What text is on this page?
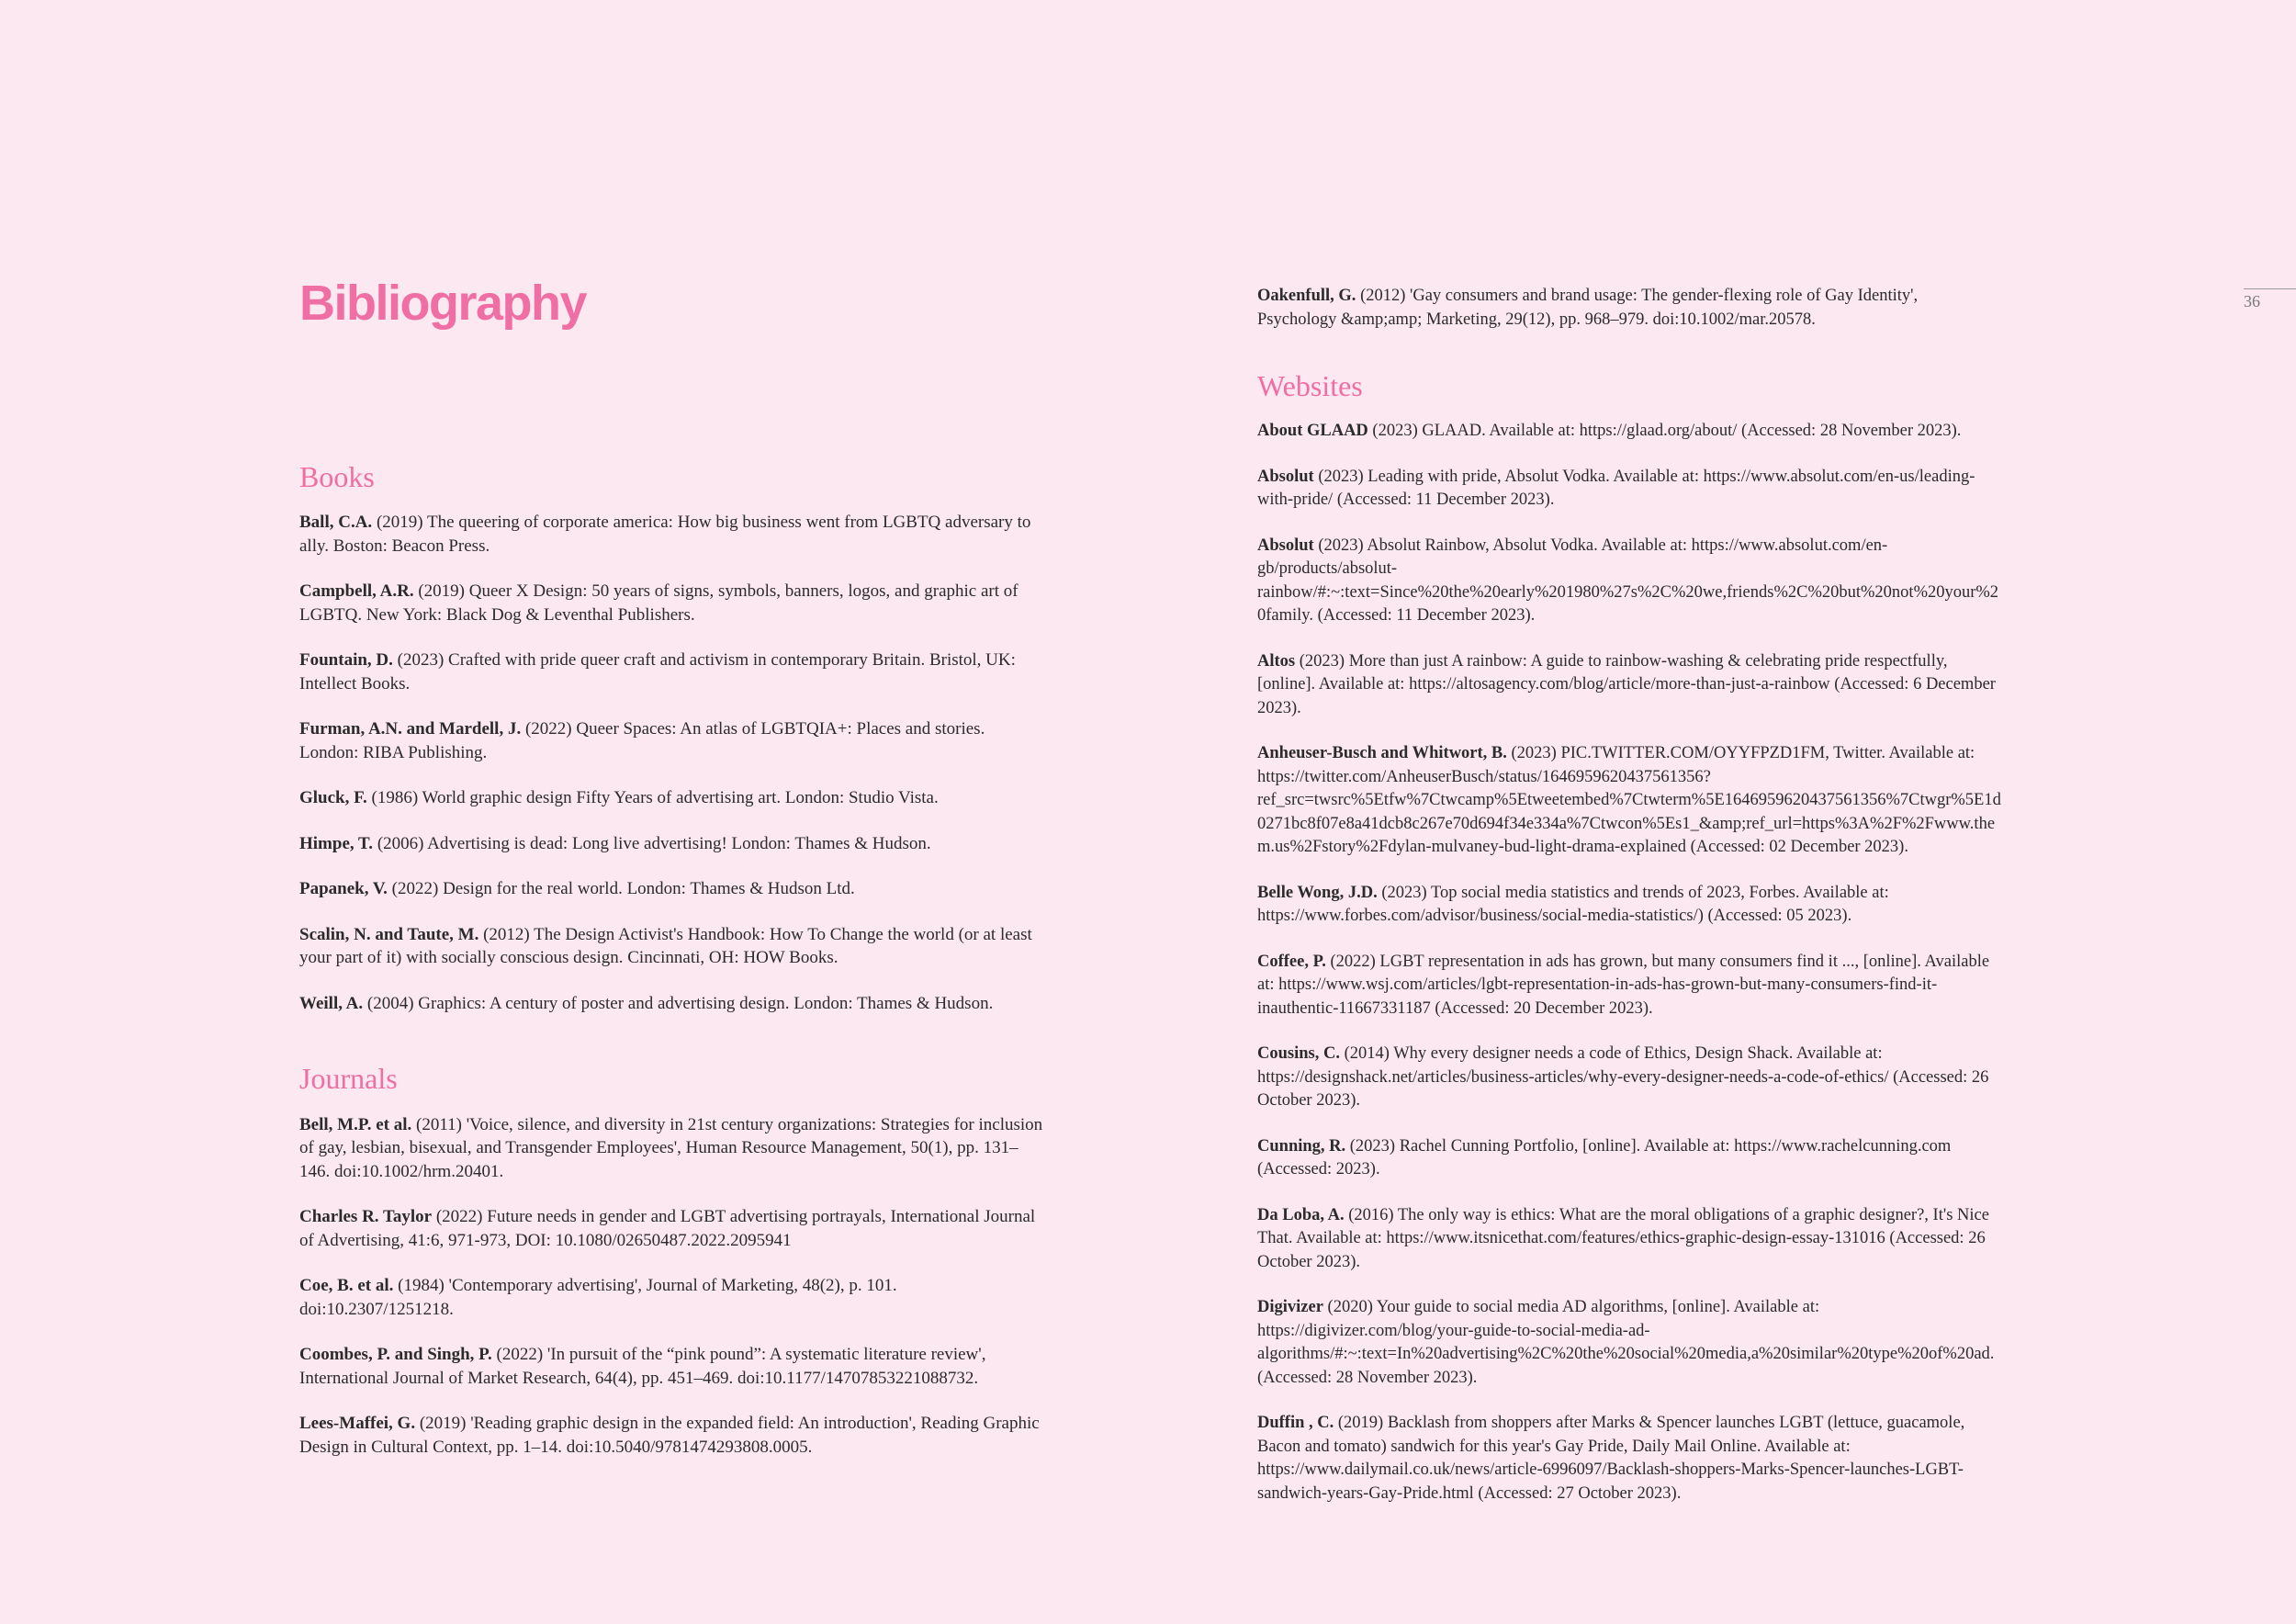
Bibliography	36
Books

Ball, C.A. (2019) The queering of corporate america: How big business went from LGBTQ adversary to ally. Boston: Beacon Press.

Campbell, A.R. (2019) Queer X Design: 50 years of signs, symbols, banners, logos, and graphic art of LGBTQ. New York: Black Dog & Leventhal Publishers.

Fountain, D. (2023) Crafted with pride queer craft and activism in contemporary Britain. Bristol, UK: Intellect Books.

Furman, A.N. and Mardell, J. (2022) Queer Spaces: An atlas of LGBTQIA+: Places and stories. London: RIBA Publishing.

Gluck, F. (1986) World graphic design Fifty Years of advertising art. London: Studio Vista.

Himpe, T. (2006) Advertising is dead: Long live advertising! London: Thames & Hudson.

Papanek, V. (2022) Design for the real world. London: Thames & Hudson Ltd.

Scalin, N. and Taute, M. (2012) The Design Activist's Handbook: How To Change the world (or at least your part of it) with socially conscious design. Cincinnati, OH: HOW Books.

Weill, A. (2004) Graphics: A century of poster and advertising design. London: Thames & Hudson.

Journals

Bell, M.P. et al. (2011) 'Voice, silence, and diversity in 21st century organizations: Strategies for inclusion of gay, lesbian, bisexual, and Transgender Employees', Human Resource Management, 50(1), pp. 131–146. doi:10.1002/hrm.20401.

Charles R. Taylor (2022) Future needs in gender and LGBT advertising portrayals, International Journal of Advertising, 41:6, 971-973, DOI: 10.1080/02650487.2022.2095941

Coe, B. et al. (1984) 'Contemporary advertising', Journal of Marketing, 48(2), p. 101. doi:10.2307/1251218.

Coombes, P. and Singh, P. (2022) 'In pursuit of the “pink pound”: A systematic literature review', International Journal of Market Research, 64(4), pp. 451–469. doi:10.1177/14707853221088732.

Lees-Maffei, G. (2019) 'Reading graphic design in the expanded field: An introduction', Reading Graphic Design in Cultural Context, pp. 1–14. doi:10.5040/9781474293808.0005.

Oakenfull, G. (2012) 'Gay consumers and brand usage: The gender-flexing role of Gay Identity', Psychology &amp;amp; Marketing, 29(12), pp. 968–979. doi:10.1002/mar.20578.

Websites

About GLAAD (2023) GLAAD. Available at: https://glaad.org/about/ (Accessed: 28 November 2023).

Absolut (2023) Leading with pride, Absolut Vodka. Available at: https://www.absolut.com/en-us/leading-with-pride/ (Accessed: 11 December 2023).

Absolut (2023) Absolut Rainbow, Absolut Vodka. Available at: https://www.absolut.com/en-gb/products/absolut-rainbow/#:~:text=Since%20the%20early%201980%27s%2C%20we,friends%2C%20but%20not%20your%20family. (Accessed: 11 December 2023).

Altos (2023) More than just A rainbow: A guide to rainbow-washing & celebrating pride respectfully, [online]. Available at: https://altosagency.com/blog/article/more-than-just-a-rainbow (Accessed: 6 December 2023).

Anheuser-Busch and Whitwort, B. (2023) PIC.TWITTER.COM/OYYFPZD1FM, Twitter. Available at: https://twitter.com/AnheuserBusch/status/1646959620437561356?ref_src=twsrc%5Etfw%7Ctwcamp%5Etweetembed%7Ctwterm%5E1646959620437561356%7Ctwgr%5E1d0271bc8f07e8a41dcb8c267e70d694f34e334a%7Ctwcon%5Es1_&amp;ref_url=https%3A%2F%2Fwww.them.us%2Fstory%2Fdylan-mulvaney-bud-light-drama-explained (Accessed: 02 December 2023).

Belle Wong, J.D. (2023) Top social media statistics and trends of 2023, Forbes. Available at: https://www.forbes.com/advisor/business/social-media-statistics/) (Accessed: 05 2023).

Coffee, P. (2022) LGBT representation in ads has grown, but many consumers find it ..., [online]. Available at: https://www.wsj.com/articles/lgbt-representation-in-ads-has-grown-but-many-consumers-find-it-inauthentic-11667331187 (Accessed: 20 December 2023).

Cousins, C. (2014) Why every designer needs a code of Ethics, Design Shack. Available at: https://designshack.net/articles/business-articles/why-every-designer-needs-a-code-of-ethics/ (Accessed: 26 October 2023).

Cunning, R. (2023) Rachel Cunning Portfolio, [online]. Available at: https://www.rachelcunning.com (Accessed: 2023).

Da Loba, A. (2016) The only way is ethics: What are the moral obligations of a graphic designer?, It's Nice That. Available at: https://www.itsnicethat.com/features/ethics-graphic-design-essay-131016 (Accessed: 26 October 2023).

Digivizer (2020) Your guide to social media AD algorithms, [online]. Available at: https://digivizer.com/blog/your-guide-to-social-media-ad-algorithms/#:~:text=In%20advertising%2C%20the%20social%20media,a%20similar%20type%20of%20ad. (Accessed: 28 November 2023).

Duffin , C. (2019) Backlash from shoppers after Marks & Spencer launches LGBT (lettuce, guacamole, Bacon and tomato) sandwich for this year's Gay Pride, Daily Mail Online. Available at: https://www.dailymail.co.uk/news/article-6996097/Backlash-shoppers-Marks-Spencer-launches-LGBT-sandwich-years-Gay-Pride.html (Accessed: 27 October 2023).
